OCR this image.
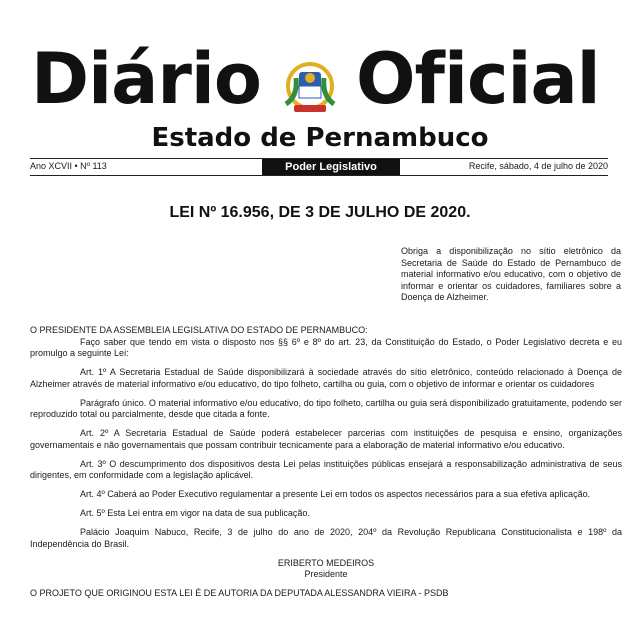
Diário Oficial
Estado de Pernambuco
Ano XCVII • Nº 113	Poder Legislativo	Recife, sábado, 4 de julho de 2020
LEI Nº 16.956, DE 3 DE JULHO DE 2020.
Obriga a disponibilização no sítio eletrônico da Secretaria de Saúde do Estado de Pernambuco de material informativo e/ou educativo, com o objetivo de informar e orientar os cuidadores, familiares sobre a Doença de Alzheimer.

O PRESIDENTE DA ASSEMBLEIA LEGISLATIVA DO ESTADO DE PERNAMBUCO:

Faço saber que tendo em vista o disposto nos §§ 6º e 8º do art. 23, da Constituição do Estado, o Poder Legislativo decreta e eu promulgo a seguinte Lei:

Art. 1º A Secretaria Estadual de Saúde disponibilizará à sociedade através do sítio eletrônico, conteúdo relacionado à Doença de Alzheimer através de material informativo e/ou educativo, do tipo folheto, cartilha ou guia, com o objetivo de informar e orientar os cuidadores

Parágrafo único. O material informativo e/ou educativo, do tipo folheto, cartilha ou guia será disponibilizado gratuitamente, podendo ser reproduzido total ou parcialmente, desde que citada a fonte.

Art. 2º A Secretaria Estadual de Saúde poderá estabelecer parcerias com instituições de pesquisa e ensino, organizações governamentais e não governamentais que possam contribuir tecnicamente para a elaboração de material informativo e/ou educativo.

Art. 3º O descumprimento dos dispositivos desta Lei pelas instituições públicas ensejará a responsabilização administrativa de seus dirigentes, em conformidade com a legislação aplicável.

Art. 4º Caberá ao Poder Executivo regulamentar a presente Lei em todos os aspectos necessários para a sua efetiva aplicação.

Art. 5º Esta Lei entra em vigor na data de sua publicação.

Palácio Joaquim Nabuco, Recife, 3 de julho do ano de 2020, 204º da Revolução Republicana Constitucionalista e 198º da Independência do Brasil.

ERIBERTO MEDEIROS

Presidente

O PROJETO QUE ORIGINOU ESTA LEI É DE AUTORIA DA DEPUTADA ALESSANDRA VIEIRA - PSDB
